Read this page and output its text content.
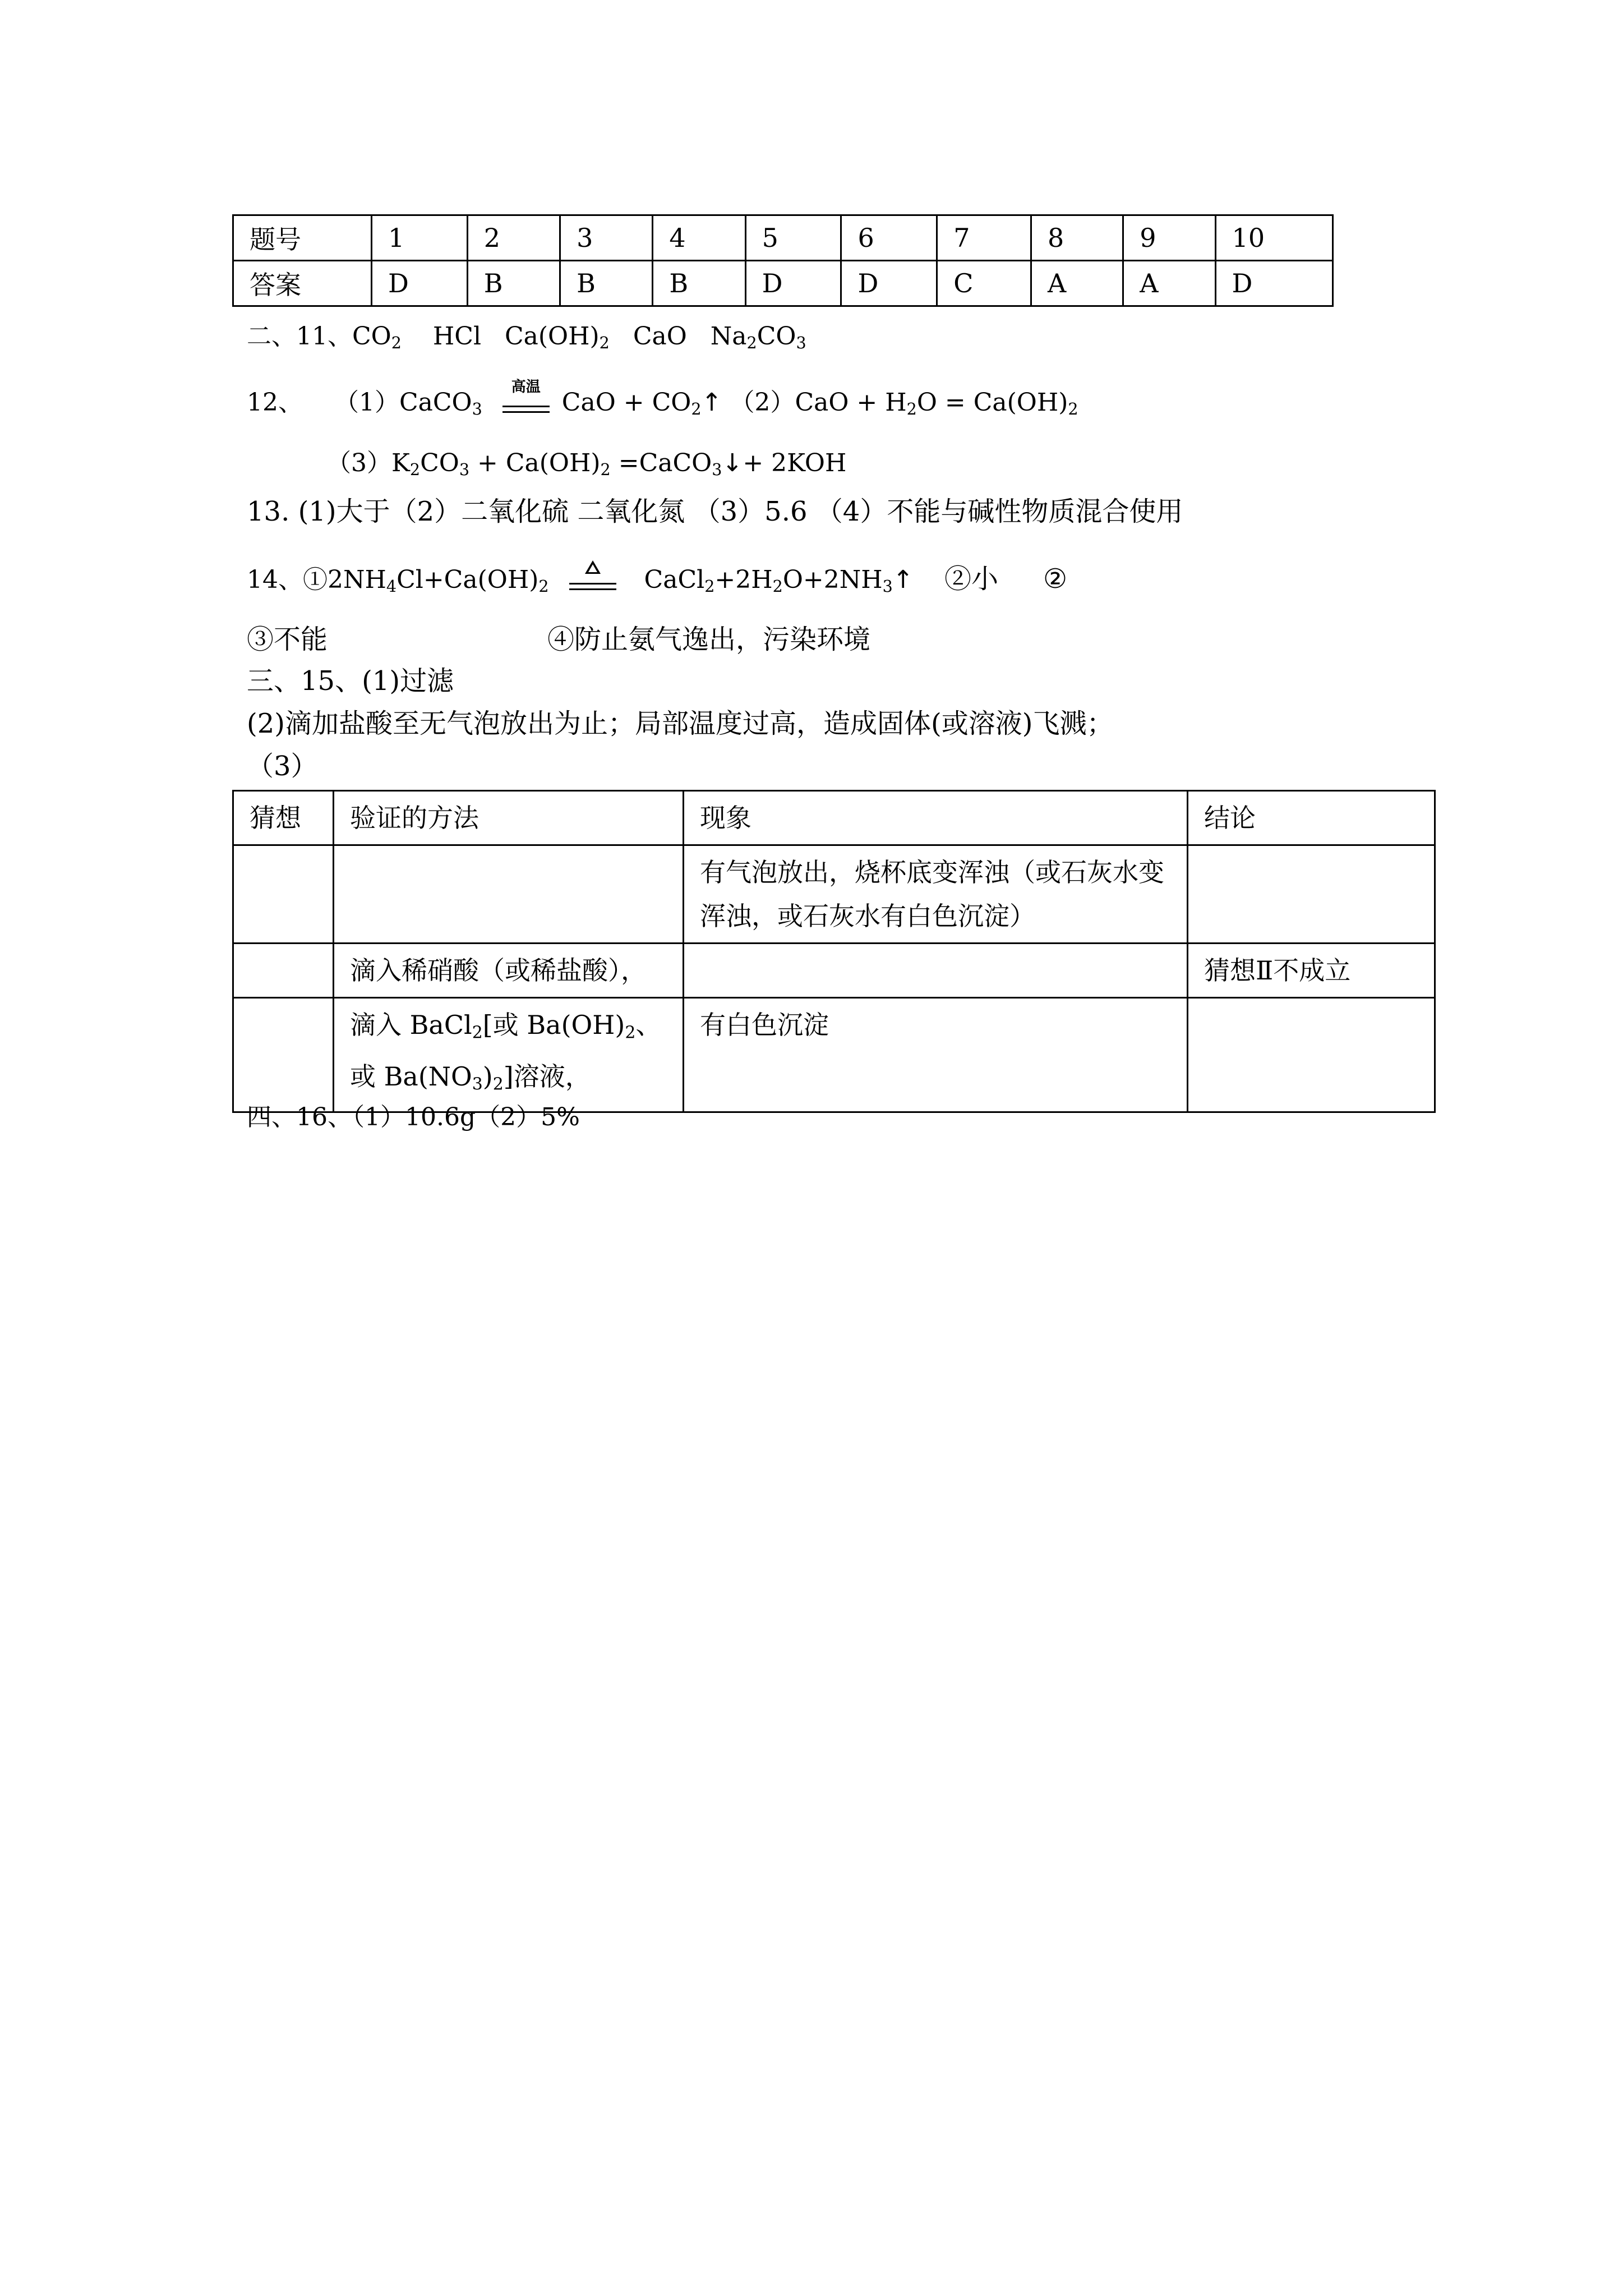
题号	1	2	3	4	5	6	7	8	9	10
答案	D	B	B	B	D	D	C	A	A	D
二、11、$CO_2$ HCl $Ca(OH)_2$ CaO $Na_2CO_3$
12、 （1）CaCO$_3$
高温
CaO + $CO_2↑$ $(2)CaO + H_2O = Ca(OH)_2$
$(3)K_2CO_3 + Ca(OH)_2$ =CaCO$_3$↓+ 2KOH
13. (1)大于（2）二氧化硫 二氧化氮 （3）5.6 （4）不能与碱性物质混合使用
14、$①2NH_4Cl+Ca(OH)_2$	$CaCl_2+2H_2O+2NH_3↑$ ②小 ②
③不能	④防止氨气逸出，污染环境
三、15、(1)过滤
(2)滴加盐酸至无气泡放出为止；局部温度过高，造成固体(或溶液)飞溅；
（3）
猜想	验证的方法	现象	结论
		有气泡放出，烧杯底变浑浊（或石灰水变浑浊，或石灰水有白色沉淀）	
	滴入稀硝酸（或稀盐酸），		猜想Ⅱ不成立
	滴入 BaCl$_2$[或 $Ba(OH)_2$、或 $Ba(NO_3)_2$]溶液，	有白色沉淀	
四、16、（1）10.6g（2）5%
